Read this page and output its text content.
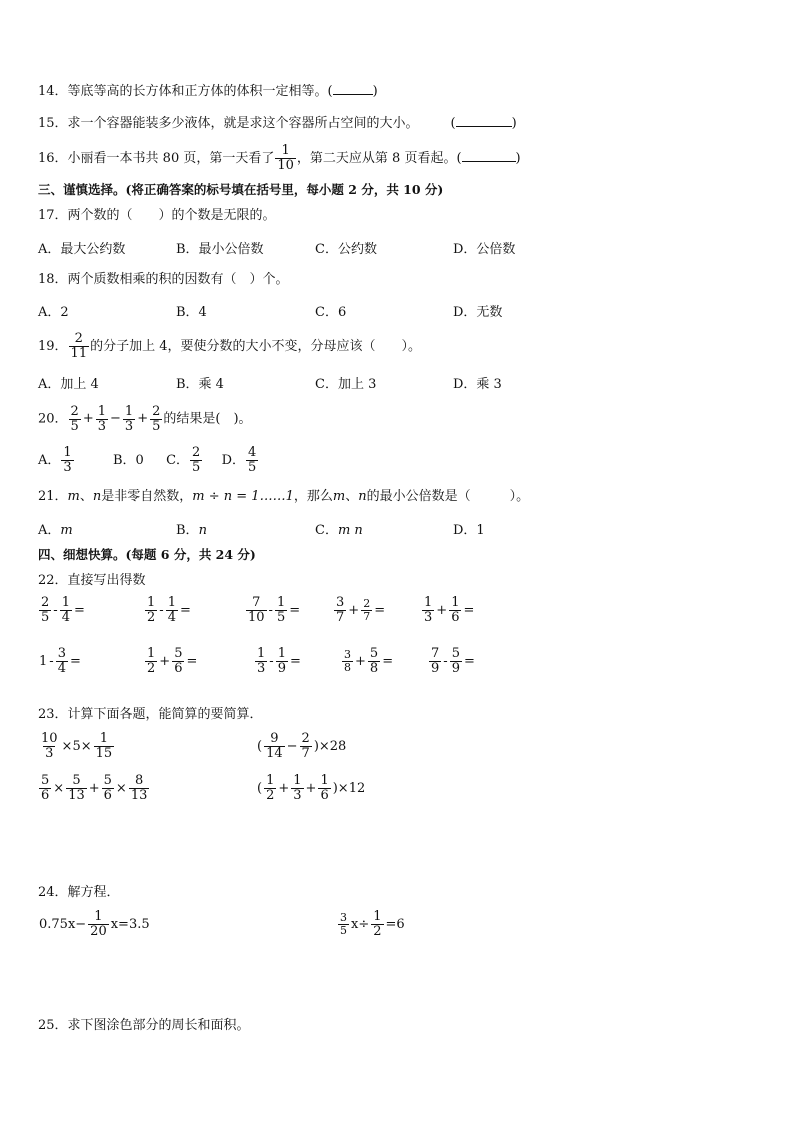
14．等底等高的长方体和正方体的体积一定相等。(	)
15．求一个容器能装多少液体，就是求这个容器所占空间的大小。 (	)
16．小丽看一本书共 80 页，第一天看了 $\frac{1}{10}$ ，第二天应从第 8 页看起。(	)
三、谨慎选择。(将正确答案的标号填在括号里，每小题 2 分，共 10 分)
17．两个数的（　　）的个数是无限的。
A．最大公约数	B．最小公倍数	C．公约数	D．公倍数
18．两个质数相乘的积的因数有（　）个。
A．2	B．4	C．6	D．无数
19． $\frac{2}{11}$ 的分子加上 4，要使分数的大小不变，分母应该（　　）。
A．加上 4	B．乘 4	C．加上 3	D．乘 3
20． $\frac{2}{5} + \frac{1}{3} - \frac{1}{3} + \frac{2}{5}$ 的结果是(　)。
A． $\frac{1}{3}$	B．0 C． $\frac{2}{5}$ D． $\frac{4}{5}$
21．m、n是非零自然数，m ÷ n = 1……1，那么m、n的最小公倍数是（　　　）。
A．m	B．n	C．m n	D．1
四、细想快算。(每题 6 分，共 24 分)
22．直接写出得数
$\frac{2}{5} - \frac{1}{4}$ =	$\frac{1}{2} - \frac{1}{4}$ =	$\frac{7}{10} - \frac{1}{5}$ =	$\frac{3}{7} + \frac{2}{7}$ =	$\frac{1}{3} + \frac{1}{6}$ =
$1 - \frac{3}{4}$ =	$\frac{1}{2} + \frac{5}{6}$ =	$\frac{1}{3} - \frac{1}{9}$ =	$\frac{3}{8} + \frac{5}{8}$ =	$\frac{7}{9} - \frac{5}{9}$ =
23．计算下面各题，能简算的要简算．
$\frac{10}{3} \times 5\times \frac{1}{15}$	( $\frac{9}{14} - \frac{2}{7} )\times 28$
$\frac{5}{6} \times \frac{5}{13} + \frac{5}{6} \times \frac{8}{13}$	( $\frac{1}{2} + \frac{1}{3} + \frac{1}{6} )\times 12$
24．解方程．
$0.75x- \frac{1}{20} x=3.5$	$\frac{3}{5} x\div \frac{1}{2} =6$
25．求下图涂色部分的周长和面积。
